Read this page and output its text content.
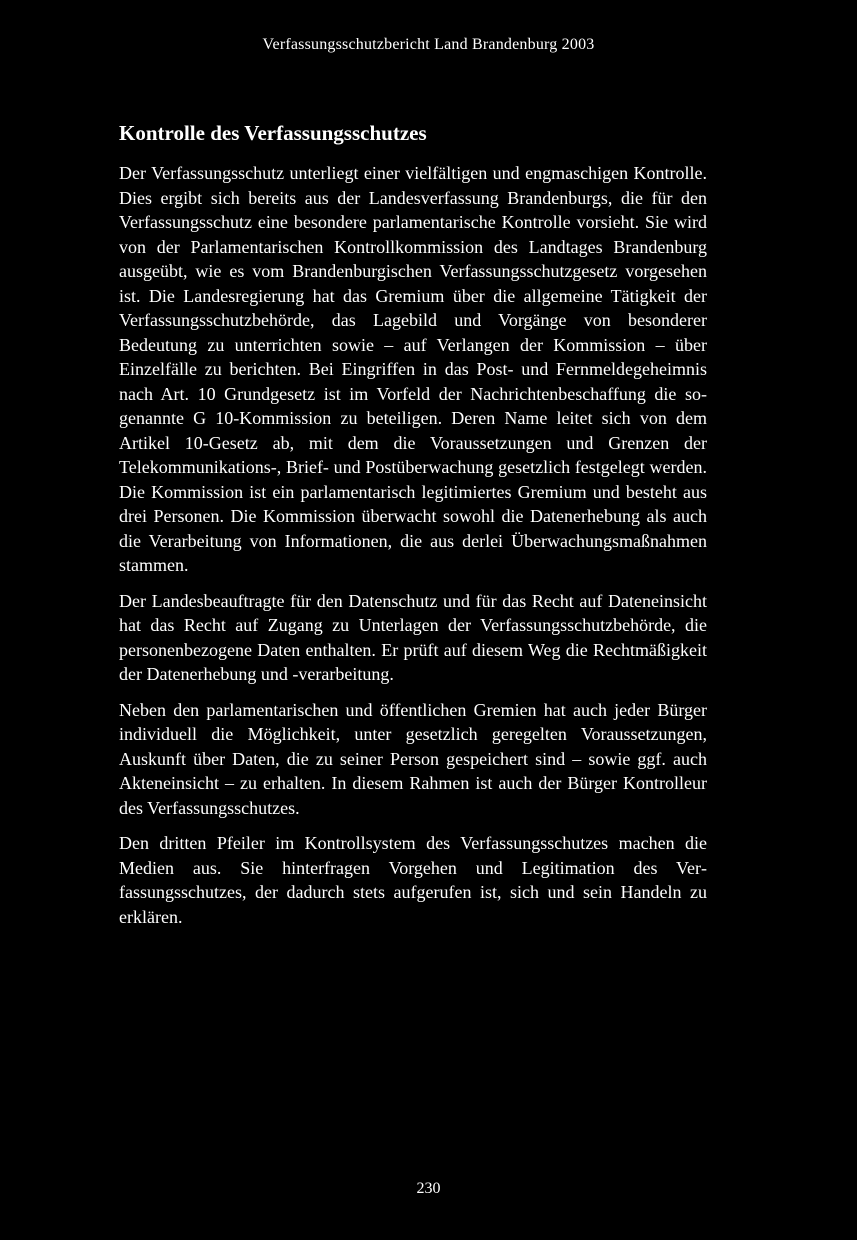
Verfassungsschutzbericht Land Brandenburg 2003
Kontrolle des Verfassungsschutzes

Der Verfassungsschutz unterliegt einer vielfältigen und engmaschigen Kontrolle. Dies ergibt sich bereits aus der Landesverfassung Brandenburgs, die für den Verfassungsschutz eine besondere parlamentarische Kontrolle vorsieht. Sie wird von der Parlamentarischen Kontrollkommission des Landtages Brandenburg ausgeübt, wie es vom Brandenburgischen Verfassungsschutzgesetz vorgesehen ist. Die Landesregierung hat das Gremium über die allgemeine Tätigkeit der Verfassungsschutzbehörde, das Lagebild und Vorgänge von besonderer Bedeutung zu unterrichten sowie – auf Verlangen der Kommission – über Einzelfälle zu berichten. Bei Eingriffen in das Post- und Fernmeldegeheimnis nach Art. 10 Grundgesetz ist im Vorfeld der Nachrichtenbeschaffung die sogenannte G 10-Kommission zu beteiligen. Deren Name leitet sich von dem Artikel 10-Gesetz ab, mit dem die Voraussetzungen und Grenzen der Telekommunikations-, Brief- und Postüberwachung gesetzlich festgelegt werden. Die Kommission ist ein parlamentarisch legitimiertes Gremium und besteht aus drei Personen. Die Kommission überwacht sowohl die Datenerhebung als auch die Verarbeitung von Informationen, die aus derlei Überwachungsmaßnahmen stammen.

Der Landesbeauftragte für den Datenschutz und für das Recht auf Dateneinsicht hat das Recht auf Zugang zu Unterlagen der Verfassungsschutzbehörde, die personenbezogene Daten enthalten. Er prüft auf diesem Weg die Rechtmäßigkeit der Datenerhebung und -verarbeitung.

Neben den parlamentarischen und öffentlichen Gremien hat auch jeder Bürger individuell die Möglichkeit, unter gesetzlich geregelten Voraussetzungen, Auskunft über Daten, die zu seiner Person gespeichert sind – sowie ggf. auch Akteneinsicht – zu erhalten. In diesem Rahmen ist auch der Bürger Kontrolleur des Verfassungsschutzes.

Den dritten Pfeiler im Kontrollsystem des Verfassungsschutzes machen die Medien aus. Sie hinterfragen Vorgehen und Legitimation des Verfassungsschutzes, der dadurch stets aufgerufen ist, sich und sein Handeln zu erklären.

230
